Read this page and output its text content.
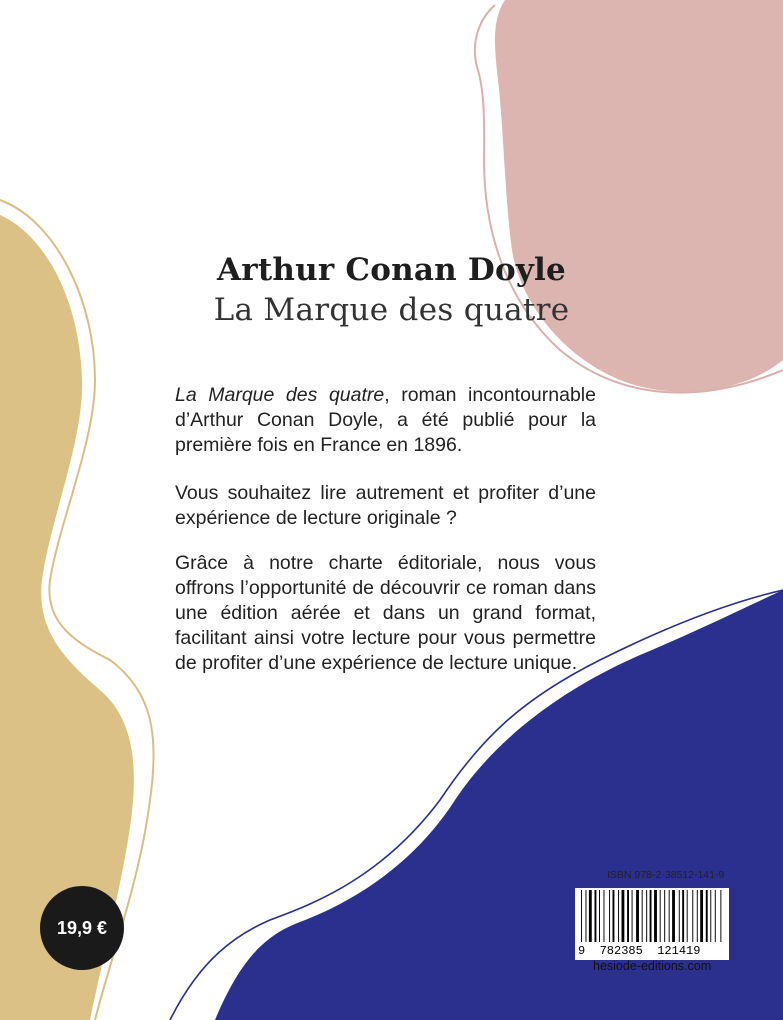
Arthur Conan Doyle
La Marque des quatre

La Marque des quatre, roman incontournable d’Arthur Conan Doyle, a été publié pour la première fois en France en 1896.

Vous souhaitez lire autrement et profiter d’une expérience de lecture originale ?

Grâce à notre charte éditoriale, nous vous offrons l’opportunité de découvrir ce roman dans une édition aérée et dans un grand format, facilitant ainsi votre lecture pour vous permettre de profiter d’une expérience de lecture unique.

19,9 €
ISBN 978-2-38512-141-9
9  782385  121419
hesiode-editions.com
